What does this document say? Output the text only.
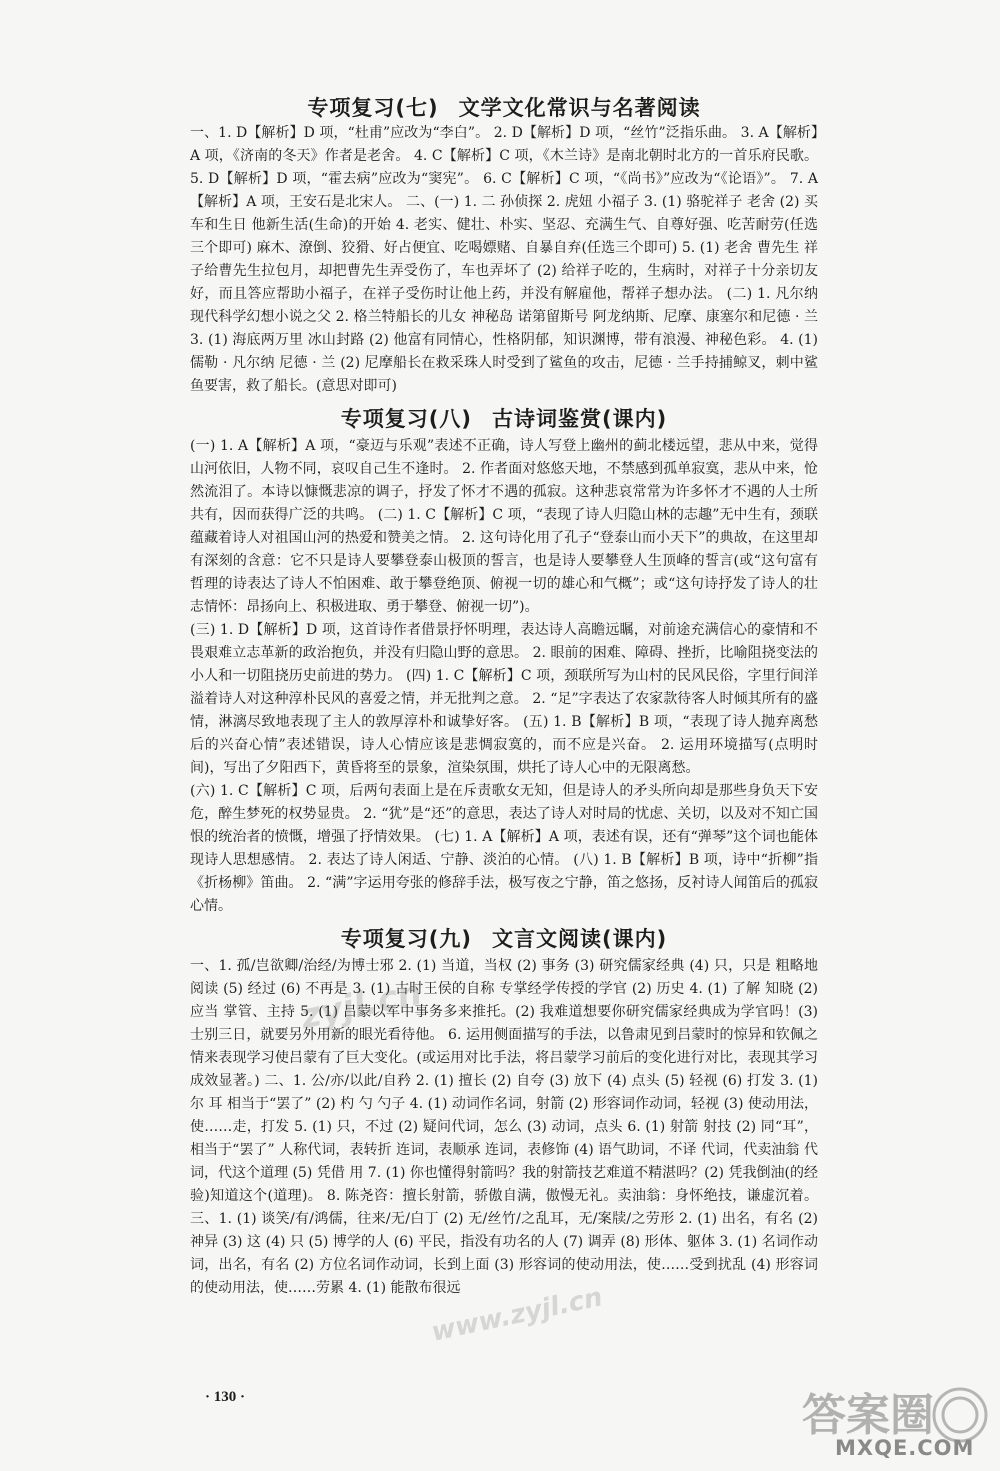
专项复习(七) 文学文化常识与名著阅读

一、1. D【解析】D 项，“杜甫”应改为“李白”。 2. D【解析】D 项，“丝竹”泛指乐曲。 3. A【解析】A 项，《济南的冬天》作者是老舍。 4. C【解析】C 项，《木兰诗》是南北朝时北方的一首乐府民歌。 5. D【解析】D 项，“霍去病”应改为“窦宪”。 6. C【解析】C 项，“《尚书》”应改为“《论语》”。 7. A【解析】A 项，王安石是北宋人。 二、(一) 1. 二 孙侦探 2. 虎妞 小福子 3. (1) 骆驼祥子 老舍 (2) 买车和生日 他新生活(生命)的开始 4. 老实、健壮、朴实、坚忍、充满生气、自尊好强、吃苦耐劳(任选三个即可) 麻木、潦倒、狡猾、好占便宜、吃喝嫖赌、自暴自弃(任选三个即可) 5. (1) 老舍 曹先生 祥子给曹先生拉包月，却把曹先生弄受伤了，车也弄坏了 (2) 给祥子吃的，生病时，对祥子十分亲切友好，而且答应帮助小福子，在祥子受伤时让他上药，并没有解雇他，帮祥子想办法。 (二) 1. 凡尔纳 现代科学幻想小说之父 2. 格兰特船长的儿女 神秘岛 诺第留斯号 阿龙纳斯、尼摩、康塞尔和尼德 · 兰 3. (1) 海底两万里 冰山封路 (2) 他富有同情心，性格阴郁，知识渊博，带有浪漫、神秘色彩。 4. (1) 儒勒 · 凡尔纳 尼德 · 兰 (2) 尼摩船长在救采珠人时受到了鲨鱼的攻击，尼德 · 兰手持捕鲸叉，刺中鲨鱼要害，救了船长。(意思对即可)

专项复习(八) 古诗词鉴赏(课内)

(一) 1. A【解析】A 项，“豪迈与乐观”表述不正确，诗人写登上幽州的蓟北楼远望，悲从中来，觉得山河依旧，人物不同，哀叹自己生不逢时。 2. 作者面对悠悠天地，不禁感到孤单寂寞，悲从中来，怆然流泪了。本诗以慷慨悲凉的调子，抒发了怀才不遇的孤寂。这种悲哀常常为许多怀才不遇的人士所共有，因而获得广泛的共鸣。 (二) 1. C【解析】C 项，“表现了诗人归隐山林的志趣”无中生有，颈联蕴藏着诗人对祖国山河的热爱和赞美之情。 2. 这句诗化用了孔子“登泰山而小天下”的典故，在这里却有深刻的含意：它不只是诗人要攀登泰山极顶的誓言，也是诗人要攀登人生顶峰的誓言(或“这句富有哲理的诗表达了诗人不怕困难、敢于攀登绝顶、俯视一切的雄心和气概”；或“这句诗抒发了诗人的壮志情怀：昂扬向上、积极进取、勇于攀登、俯视一切”)。

(三) 1. D【解析】D 项，这首诗作者借景抒怀明理，表达诗人高瞻远瞩，对前途充满信心的豪情和不畏艰难立志革新的政治抱负，并没有归隐山野的意思。 2. 眼前的困难、障碍、挫折，比喻阻挠变法的小人和一切阻挠历史前进的势力。 (四) 1. C【解析】C 项，颈联所写为山村的民风民俗，字里行间洋溢着诗人对这种淳朴民风的喜爱之情，并无批判之意。 2. “足”字表达了农家款待客人时倾其所有的盛情，淋漓尽致地表现了主人的敦厚淳朴和诚挚好客。 (五) 1. B【解析】B 项，“表现了诗人抛弃离愁后的兴奋心情”表述错误，诗人心情应该是悲惆寂寞的，而不应是兴奋。 2. 运用环境描写(点明时间)，写出了夕阳西下，黄昏将至的景象，渲染氛围，烘托了诗人心中的无限离愁。

(六) 1. C【解析】C 项，后两句表面上是在斥责歌女无知，但是诗人的矛头所向却是那些身负天下安危，醉生梦死的权势显贵。 2. “犹”是“还”的意思，表达了诗人对时局的忧虑、关切，以及对不知亡国恨的统治者的愤慨，增强了抒情效果。 (七) 1. A【解析】A 项，表述有误，还有“弹琴”这个词也能体现诗人思想感情。 2. 表达了诗人闲适、宁静、淡泊的心情。 (八) 1. B【解析】B 项，诗中“折柳”指《折杨柳》笛曲。 2. “满”字运用夸张的修辞手法，极写夜之宁静，笛之悠扬，反衬诗人闻笛后的孤寂心情。

专项复习(九) 文言文阅读(课内)

一、1. 孤/岂欲卿/治经/为博士邪 2. (1) 当道，当权 (2) 事务 (3) 研究儒家经典 (4) 只，只是 粗略地阅读 (5) 经过 (6) 不再是 3. (1) 古时王侯的自称 专掌经学传授的学官 (2) 历史 4. (1) 了解 知晓 (2) 应当 掌管、主持 5. (1) 吕蒙以军中事务多来推托。(2) 我难道想要你研究儒家经典成为学官吗！(3) 士别三日，就要另外用新的眼光看待他。 6. 运用侧面描写的手法，以鲁肃见到吕蒙时的惊异和钦佩之情来表现学习使吕蒙有了巨大变化。(或运用对比手法，将吕蒙学习前后的变化进行对比，表现其学习成效显著。) 二、1. 公/亦/以此/自矜 2. (1) 擅长 (2) 自夸 (3) 放下 (4) 点头 (5) 轻视 (6) 打发 3. (1) 尔 耳 相当于“罢了” (2) 杓 勺 勺子 4. (1) 动词作名词，射箭 (2) 形容词作动词，轻视 (3) 使动用法，使……走，打发 5. (1) 只，不过 (2) 疑问代词，怎么 (3) 动词，点头 6. (1) 射箭 射技 (2) 同“耳”，相当于“罢了” 人称代词，表转折 连词，表顺承 连词，表修饰 (4) 语气助词，不译 代词，代卖油翁 代词，代这个道理 (5) 凭借 用 7. (1) 你也懂得射箭吗？我的射箭技艺难道不精湛吗？(2) 凭我倒油(的经验)知道这个(道理)。 8. 陈尧咨：擅长射箭，骄傲自满，傲慢无礼。卖油翁：身怀绝技，谦虚沉着。 三、1. (1) 谈笑/有/鸿儒，往来/无/白丁 (2) 无/丝竹/之乱耳，无/案牍/之劳形 2. (1) 出名，有名 (2) 神异 (3) 这 (4) 只 (5) 博学的人 (6) 平民，指没有功名的人 (7) 调弄 (8) 形体、躯体 3. (1) 名词作动词，出名，有名 (2) 方位名词作动词，长到上面 (3) 形容词的使动用法，使……受到扰乱 (4) 形容词的使动用法，使……劳累 4. (1) 能散布很远

· 130 ·
zyjl.cn
www.zyjl.cn
答案圈
MXQE.COM
